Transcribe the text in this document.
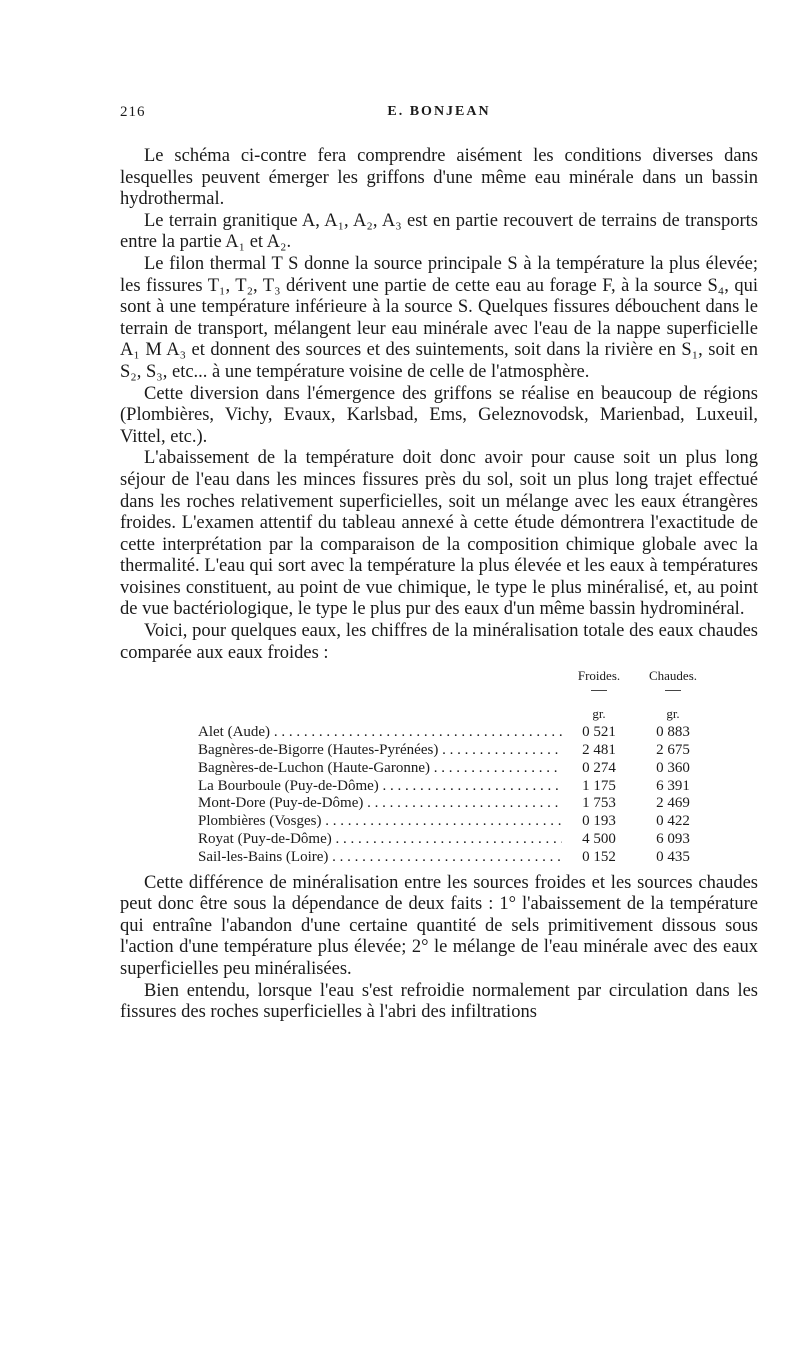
216	E. BONJEAN

Le schéma ci-contre fera comprendre aisément les conditions diverses dans lesquelles peuvent émerger les griffons d'une même eau minérale dans un bassin hydrothermal.

Le terrain granitique A, A₁, A₂, A₃ est en partie recouvert de terrains de transports entre la partie A₁ et A₂.

Le filon thermal T S donne la source principale S à la température la plus élevée; les fissures T₁, T₂, T₃ dérivent une partie de cette eau au forage F, à la source S₄, qui sont à une température inférieure à la source S. Quelques fissures débouchent dans le terrain de transport, mélangent leur eau minérale avec l'eau de la nappe superficielle A₁ M A₃ et donnent des sources et des suintements, soit dans la rivière en S₁, soit en S₂, S₃, etc... à une température voisine de celle de l'atmosphère.

Cette diversion dans l'émergence des griffons se réalise en beaucoup de régions (Plombières, Vichy, Evaux, Karlsbad, Ems, Geleznovodsk, Marienbad, Luxeuil, Vittel, etc.).

L'abaissement de la température doit donc avoir pour cause soit un plus long séjour de l'eau dans les minces fissures près du sol, soit un plus long trajet effectué dans les roches relativement superficielles, soit un mélange avec les eaux étrangères froides. L'examen attentif du tableau annexé à cette étude démontrera l'exactitude de cette interprétation par la comparaison de la composition chimique globale avec la thermalité. L'eau qui sort avec la température la plus élevée et les eaux à températures voisines constituent, au point de vue chimique, le type le plus minéralisé, et, au point de vue bactériologique, le type le plus pur des eaux d'un même bassin hydrominéral.

Voici, pour quelques eaux, les chiffres de la minéralisation totale des eaux chaudes comparée aux eaux froides :

Froides.	Chaudes.
gr.	gr.
Alet (Aude) . . .	0 521	0 883
Bagnères-de-Bigorre (Hautes-Pyrénées) . . .	2 481	2 675
Bagnères-de-Luchon (Haute-Garonne) . . .	0 274	0 360
La Bourboule (Puy-de-Dôme) . . .	1 175	6 391
Mont-Dore (Puy-de-Dôme) . . .	1 753	2 469
Plombières (Vosges) . . .	0 193	0 422
Royat (Puy-de-Dôme) . . .	4 500	6 093
Sail-les-Bains (Loire) . . .	0 152	0 435

Cette différence de minéralisation entre les sources froides et les sources chaudes peut donc être sous la dépendance de deux faits : 1° l'abaissement de la température qui entraîne l'abandon d'une certaine quantité de sels primitivement dissous sous l'action d'une température plus élevée; 2° le mélange de l'eau minérale avec des eaux superficielles peu minéralisées.

Bien entendu, lorsque l'eau s'est refroidie normalement par circulation dans les fissures des roches superficielles à l'abri des infiltrations
